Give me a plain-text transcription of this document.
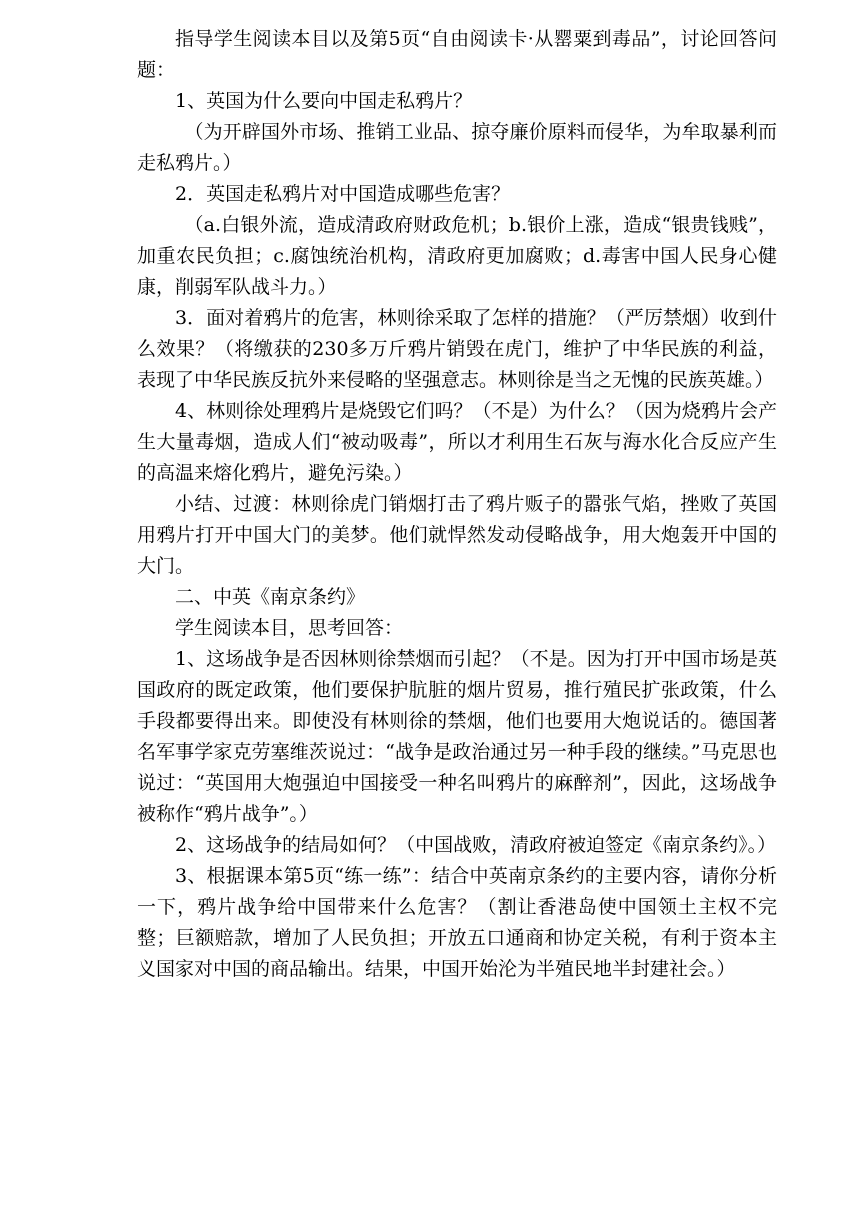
指导学生阅读本目以及第5页“自由阅读卡·从罂粟到毒品”，讨论回答问题：

1、英国为什么要向中国走私鸦片？

（为开辟国外市场、推销工业品、掠夺廉价原料而侵华，为牟取暴利而走私鸦片。）

2．英国走私鸦片对中国造成哪些危害？

（a.白银外流，造成清政府财政危机；b.银价上涨，造成“银贵钱贱”，加重农民负担；c.腐蚀统治机构，清政府更加腐败；d.毒害中国人民身心健康，削弱军队战斗力。）

3．面对着鸦片的危害，林则徐采取了怎样的措施？（严厉禁烟）收到什么效果？（将缴获的230多万斤鸦片销毁在虎门，维护了中华民族的利益，表现了中华民族反抗外来侵略的坚强意志。林则徐是当之无愧的民族英雄。）

4、林则徐处理鸦片是烧毁它们吗？（不是）为什么？（因为烧鸦片会产生大量毒烟，造成人们“被动吸毒”，所以才利用生石灰与海水化合反应产生的高温来熔化鸦片，避免污染。）

小结、过渡：林则徐虎门销烟打击了鸦片贩子的嚣张气焰，挫败了英国用鸦片打开中国大门的美梦。他们就悍然发动侵略战争，用大炮轰开中国的大门。

二、中英《南京条约》

学生阅读本目，思考回答：

1、这场战争是否因林则徐禁烟而引起？（不是。因为打开中国市场是英国政府的既定政策，他们要保护肮脏的烟片贸易，推行殖民扩张政策，什么手段都要得出来。即使没有林则徐的禁烟，他们也要用大炮说话的。德国著名军事学家克劳塞维茨说过：“战争是政治通过另一种手段的继续。”马克思也说过：“英国用大炮强迫中国接受一种名叫鸦片的麻醉剂”，因此，这场战争被称作“鸦片战争”。）

2、这场战争的结局如何？（中国战败，清政府被迫签定《南京条约》。）

3、根据课本第5页“练一练”：结合中英南京条约的主要内容，请你分析一下，鸦片战争给中国带来什么危害？（割让香港岛使中国领土主权不完整；巨额赔款，增加了人民负担；开放五口通商和协定关税，有利于资本主义国家对中国的商品输出。结果，中国开始沦为半殖民地半封建社会。）
